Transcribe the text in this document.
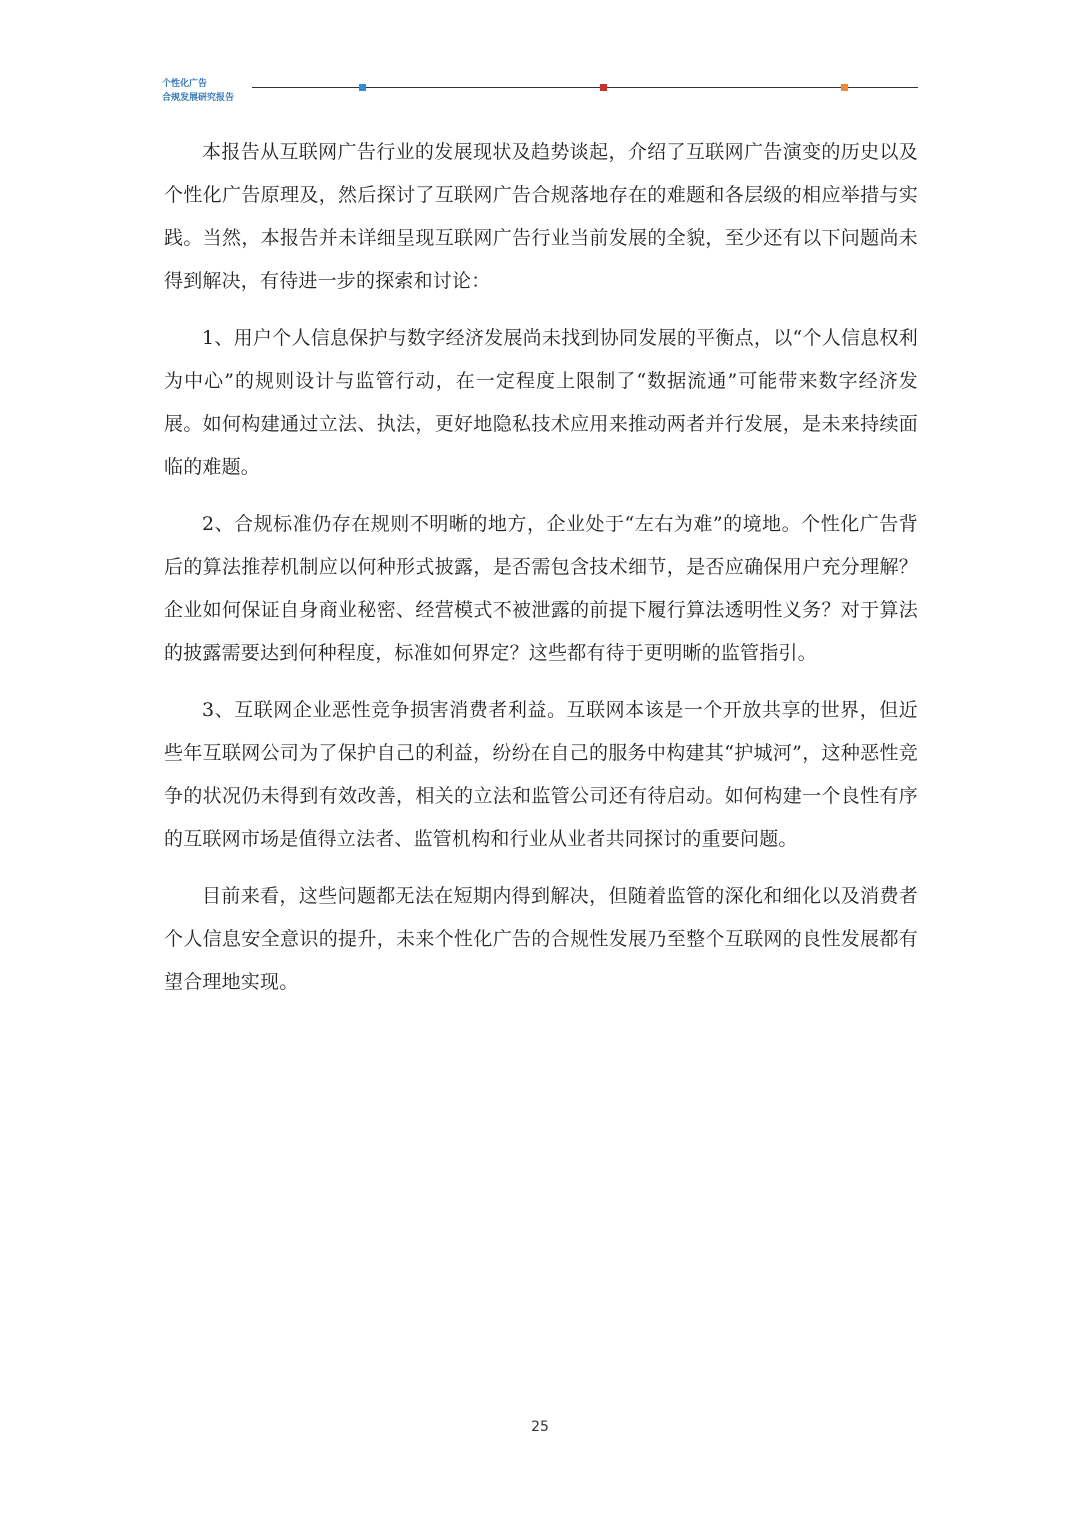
个性化广告
合规发展研究报告

本报告从互联网广告行业的发展现状及趋势谈起，介绍了互联网广告演变的历史以及个性化广告原理及，然后探讨了互联网广告合规落地存在的难题和各层级的相应举措与实践。当然，本报告并未详细呈现互联网广告行业当前发展的全貌，至少还有以下问题尚未得到解决，有待进一步的探索和讨论：

1、用户个人信息保护与数字经济发展尚未找到协同发展的平衡点，以“个人信息权利为中心”的规则设计与监管行动，在一定程度上限制了“数据流通”可能带来数字经济发展。如何构建通过立法、执法，更好地隐私技术应用来推动两者并行发展，是未来持续面临的难题。

2、合规标准仍存在规则不明晰的地方，企业处于“左右为难”的境地。个性化广告背后的算法推荐机制应以何种形式披露，是否需包含技术细节，是否应确保用户充分理解？企业如何保证自身商业秘密、经营模式不被泄露的前提下履行算法透明性义务？对于算法的披露需要达到何种程度，标准如何界定？这些都有待于更明晰的监管指引。

3、互联网企业恶性竞争损害消费者利益。互联网本该是一个开放共享的世界，但近些年互联网公司为了保护自己的利益，纷纷在自己的服务中构建其“护城河”，这种恶性竞争的状况仍未得到有效改善，相关的立法和监管公司还有待启动。如何构建一个良性有序的互联网市场是值得立法者、监管机构和行业从业者共同探讨的重要问题。

目前来看，这些问题都无法在短期内得到解决，但随着监管的深化和细化以及消费者个人信息安全意识的提升，未来个性化广告的合规性发展乃至整个互联网的良性发展都有望合理地实现。

25
